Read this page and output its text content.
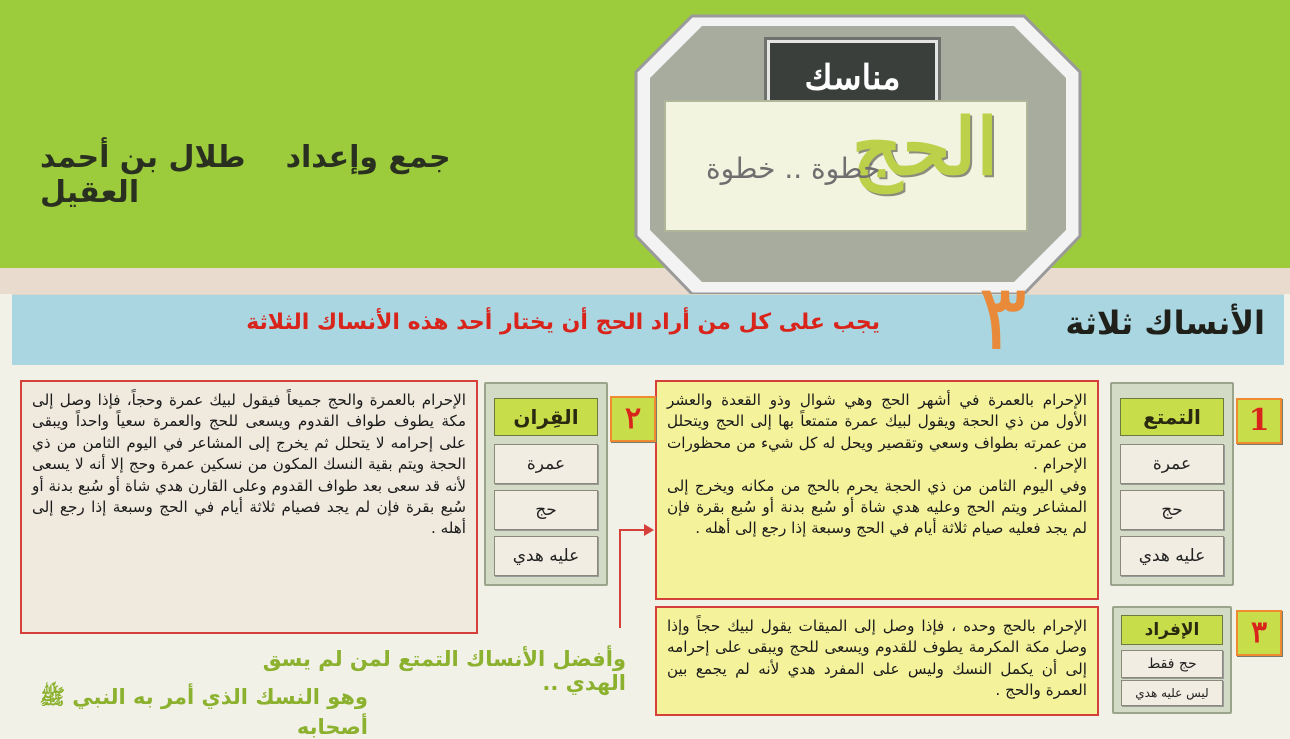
جمع وإعدادطلال بن أحمد العقيل
مناسك
الحج
خطوة .. خطوة
٣	الأنساك ثلاثة
يجب على كل من أراد الحج أن يختار أحد هذه الأنساك الثلاثة
1
التمتع
عمرة
حج
عليه هدي

الإحرام بالعمرة في أشهر الحج وهي شوال وذو القعدة والعشر الأول من ذي الحجة ويقول لبيك عمرة متمتعاً بها إلى الحج ويتحلل من عمرته بطواف وسعي وتقصير ويحل له كل شيء من محظورات الإحرام .

وفي اليوم الثامن من ذي الحجة يحرم بالحج من مكانه ويخرج إلى المشاعر ويتم الحج وعليه هدي شاة أو سُبع بدنة أو سُبع بقرة فإن لم يجد فعليه صيام ثلاثة أيام في الحج وسبعة إذا رجع إلى أهله .

٢
القِران
عمرة
حج
عليه هدي

الإحرام بالعمرة والحج جميعاً فيقول لبيك عمرة وحجاً، فإذا وصل إلى مكة يطوف طواف القدوم ويسعى للحج والعمرة سعياً واحداً ويبقى على إحرامه لا يتحلل ثم يخرج إلى المشاعر في اليوم الثامن من ذي الحجة ويتم بقية النسك المكون من نسكين عمرة وحج إلا أنه لا يسعى لأنه قد سعى بعد طواف القدوم وعلى القارن هدي شاة أو سُبع بدنة أو سُبع بقرة فإن لم يجد فصيام ثلاثة أيام في الحج وسبعة إذا رجع إلى أهله .

٣
الإفراد
حج فقط
ليس عليه هدي

الإحرام بالحج وحده ، فإذا وصل إلى الميقات يقول لبيك حجاً وإذا وصل مكة المكرمة يطوف للقدوم ويسعى للحج ويبقى على إحرامه إلى أن يكمل النسك وليس على المفرد هدي لأنه لم يجمع بين العمرة والحج .

وأفضل الأنساك التمتع لمن لم يسق الهدي ..
وهو النسك الذي أمر به النبي ﷺ أصحابه
